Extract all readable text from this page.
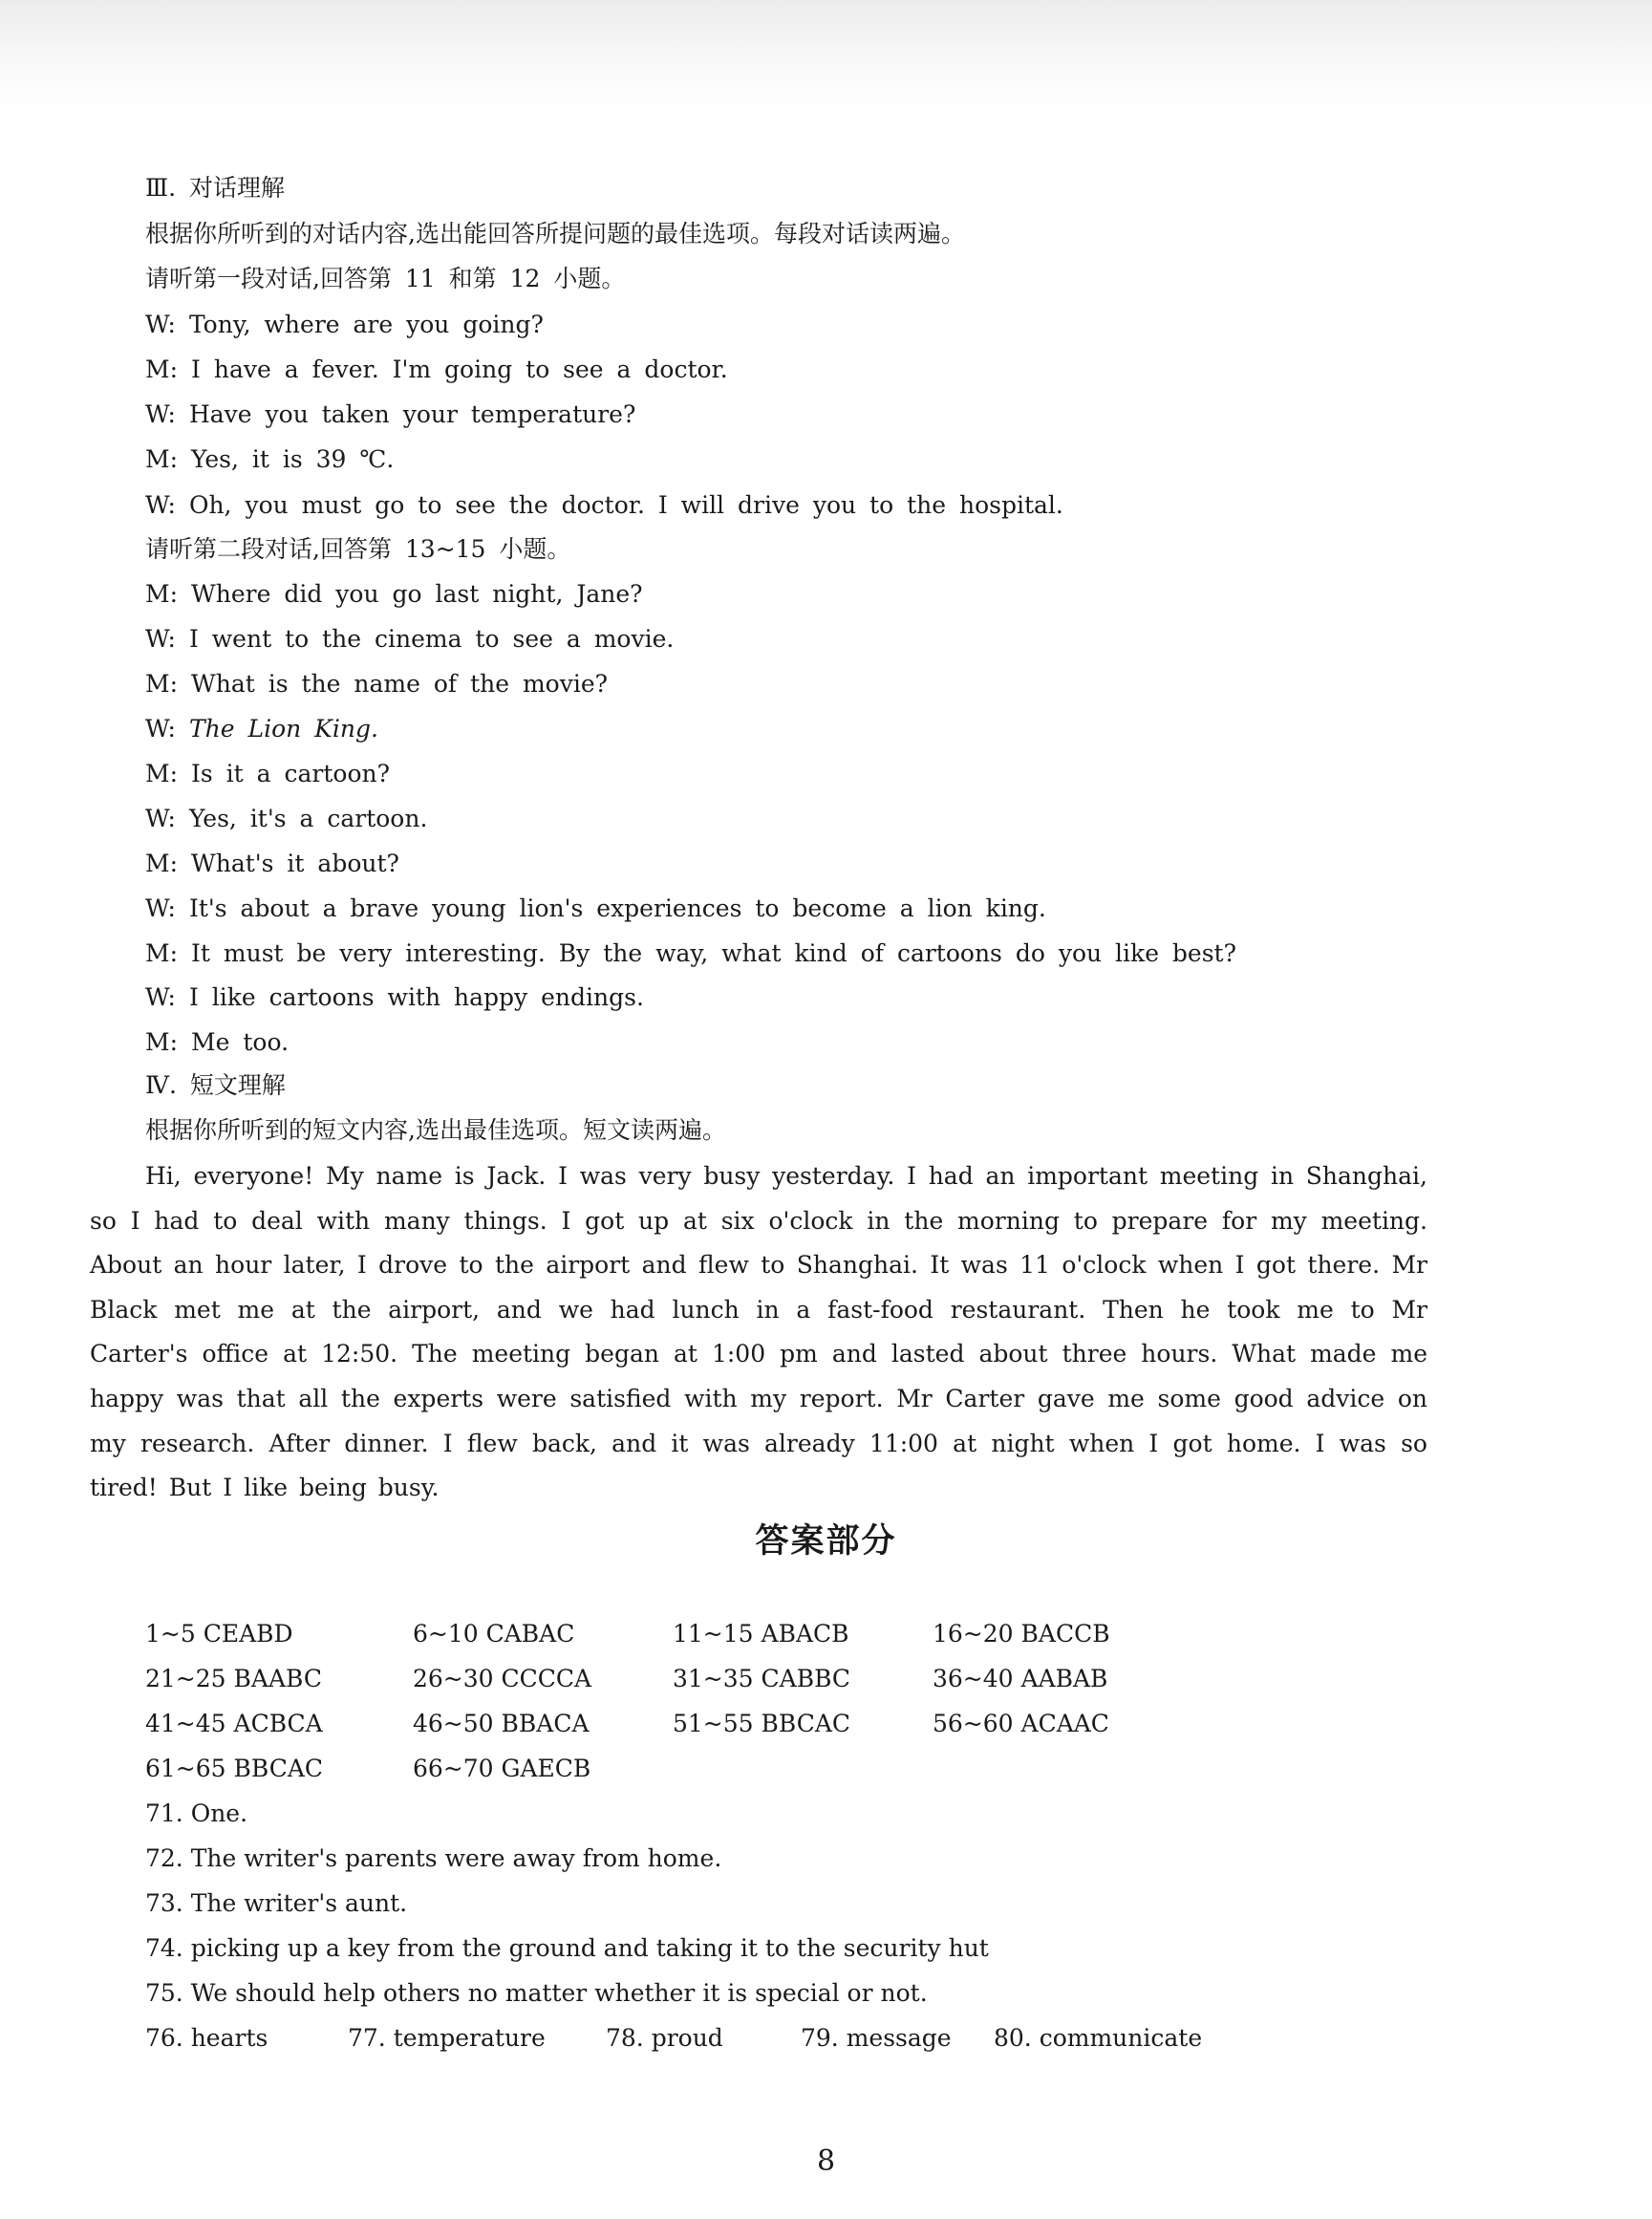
Ⅲ. 对话理解
根据你所听到的对话内容,选出能回答所提问题的最佳选项。每段对话读两遍。
请听第一段对话,回答第 11 和第 12 小题。
W: Tony, where are you going?
M: I have a fever. I'm going to see a doctor.
W: Have you taken your temperature?
M: Yes, it is 39 ℃.
W: Oh, you must go to see the doctor. I will drive you to the hospital.
请听第二段对话,回答第 13~15 小题。
M: Where did you go last night, Jane?
W: I went to the cinema to see a movie.
M: What is the name of the movie?
W: The Lion King.
M: Is it a cartoon?
W: Yes, it's a cartoon.
M: What's it about?
W: It's about a brave young lion's experiences to become a lion king.
M: It must be very interesting. By the way, what kind of cartoons do you like best?
W: I like cartoons with happy endings.
M: Me too.
Ⅳ. 短文理解
根据你所听到的短文内容,选出最佳选项。短文读两遍。
Hi, everyone! My name is Jack. I was very busy yesterday. I had an important meeting in Shanghai, so I had to deal with many things. I got up at six o'clock in the morning to prepare for my meeting. About an hour later, I drove to the airport and flew to Shanghai. It was 11 o'clock when I got there. Mr Black met me at the airport, and we had lunch in a fast-food restaurant. Then he took me to Mr Carter's office at 12:50. The meeting began at 1:00 pm and lasted about three hours. What made me happy was that all the experts were satisfied with my report. Mr Carter gave me some good advice on my research. After dinner. I flew back, and it was already 11:00 at night when I got home. I was so tired! But I like being busy.
答案部分
1~5 CEABD	6~10 CABAC	11~15 ABACB	16~20 BACCB
21~25 BAABC	26~30 CCCCA	31~35 CABBC	36~40 AABAB
41~45 ACBCA	46~50 BBACA	51~55 BBCAC	56~60 ACAAC
61~65 BBCAC	66~70 GAECB
71. One.
72. The writer's parents were away from home.
73. The writer's aunt.
74. picking up a key from the ground and taking it to the security hut
75. We should help others no matter whether it is special or not.
76. hearts	77. temperature	78. proud	79. message 80. communicate
8
